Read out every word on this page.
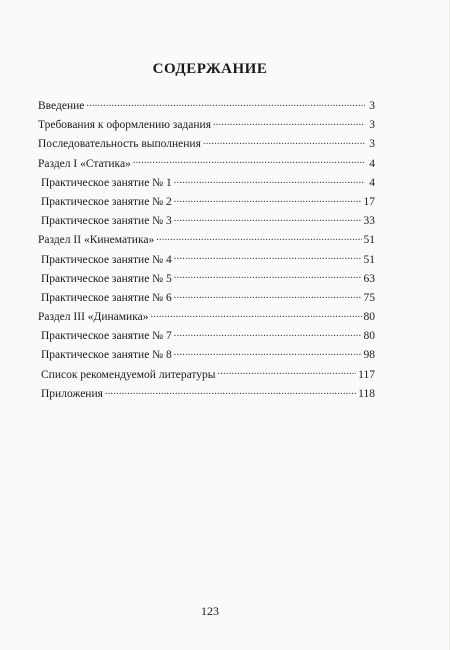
СОДЕРЖАНИЕ
Введение .....	3
Требования к оформлению задания .....	3
Последовательность выполнения .....	3
Раздел I «Статика» .....	4
Практическое занятие № 1 .....	4
Практическое занятие № 2 .....	17
Практическое занятие № 3 .....	33
Раздел II «Кинематика» .....	51
Практическое занятие № 4 .....	51
Практическое занятие № 5 .....	63
Практическое занятие № 6 .....	75
Раздел III «Динамика» .....	80
Практическое занятие № 7 .....	80
Практическое занятие № 8 .....	98
Список рекомендуемой литературы .....	117
Приложения .....	118
123
